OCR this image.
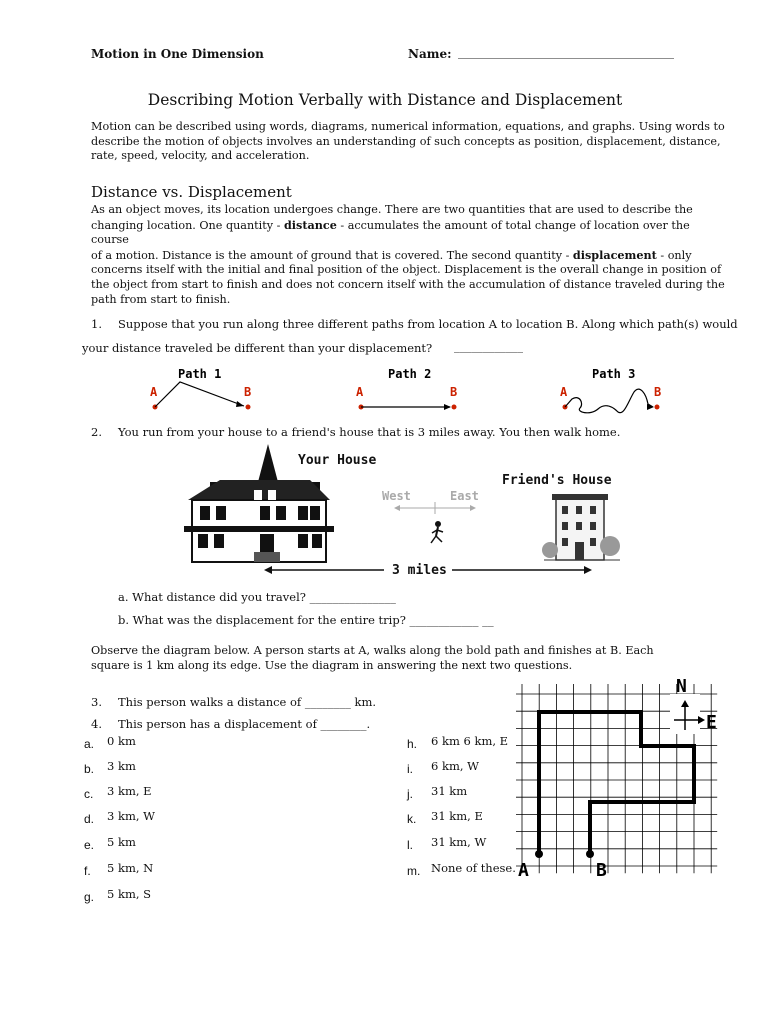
Motion in One Dimension	Name: ____________________________________
Describing Motion Verbally with Distance and Displacement
Motion can be described using words, diagrams, numerical information, equations, and graphs. Using words to
describe the motion of objects involves an understanding of such concepts as position, displacement, distance,
rate, speed, velocity, and acceleration.
Distance vs. Displacement
As an object moves, its location undergoes change. There are two quantities that are used to describe the
changing location. One quantity - distance - accumulates the amount of total change of location over the course
of a motion. Distance is the amount of ground that is covered. The second quantity - displacement - only
concerns itself with the initial and final position of the object. Displacement is the overall change in position of
the object from start to finish and does not concern itself with the accumulation of distance traveled during the
path from start to finish.
1. Suppose that you run along three different paths from location A to location B. Along which path(s) would
your distance traveled be different than your displacement? ____________
Path 1
A	B
Path 2
A	B
Path 3
A	B
2. You run from your house to a friend's house that is 3 miles away. You then walk home.
Your House
West	East
Friend's House
3 miles
a. What distance did you travel? _______________
b. What was the displacement for the entire trip? ____________ __
Observe the diagram below. A person starts at A, walks along the bold path and finishes at B. Each
square is 1 km along its edge. Use the diagram in answering the next two questions.
3. This person walks a distance of ________ km.
4. This person has a displacement of ________.
a. 0 km
b. 3 km
c. 3 km, E
d. 3 km, W
e. 5 km
f. 5 km, N
g. 5 km, S
h. 6 km 6 km, E
i. 6 km, W
j. 31 km
k. 31 km, E
l. 31 km, W
m. None of these. A	B
N
E
